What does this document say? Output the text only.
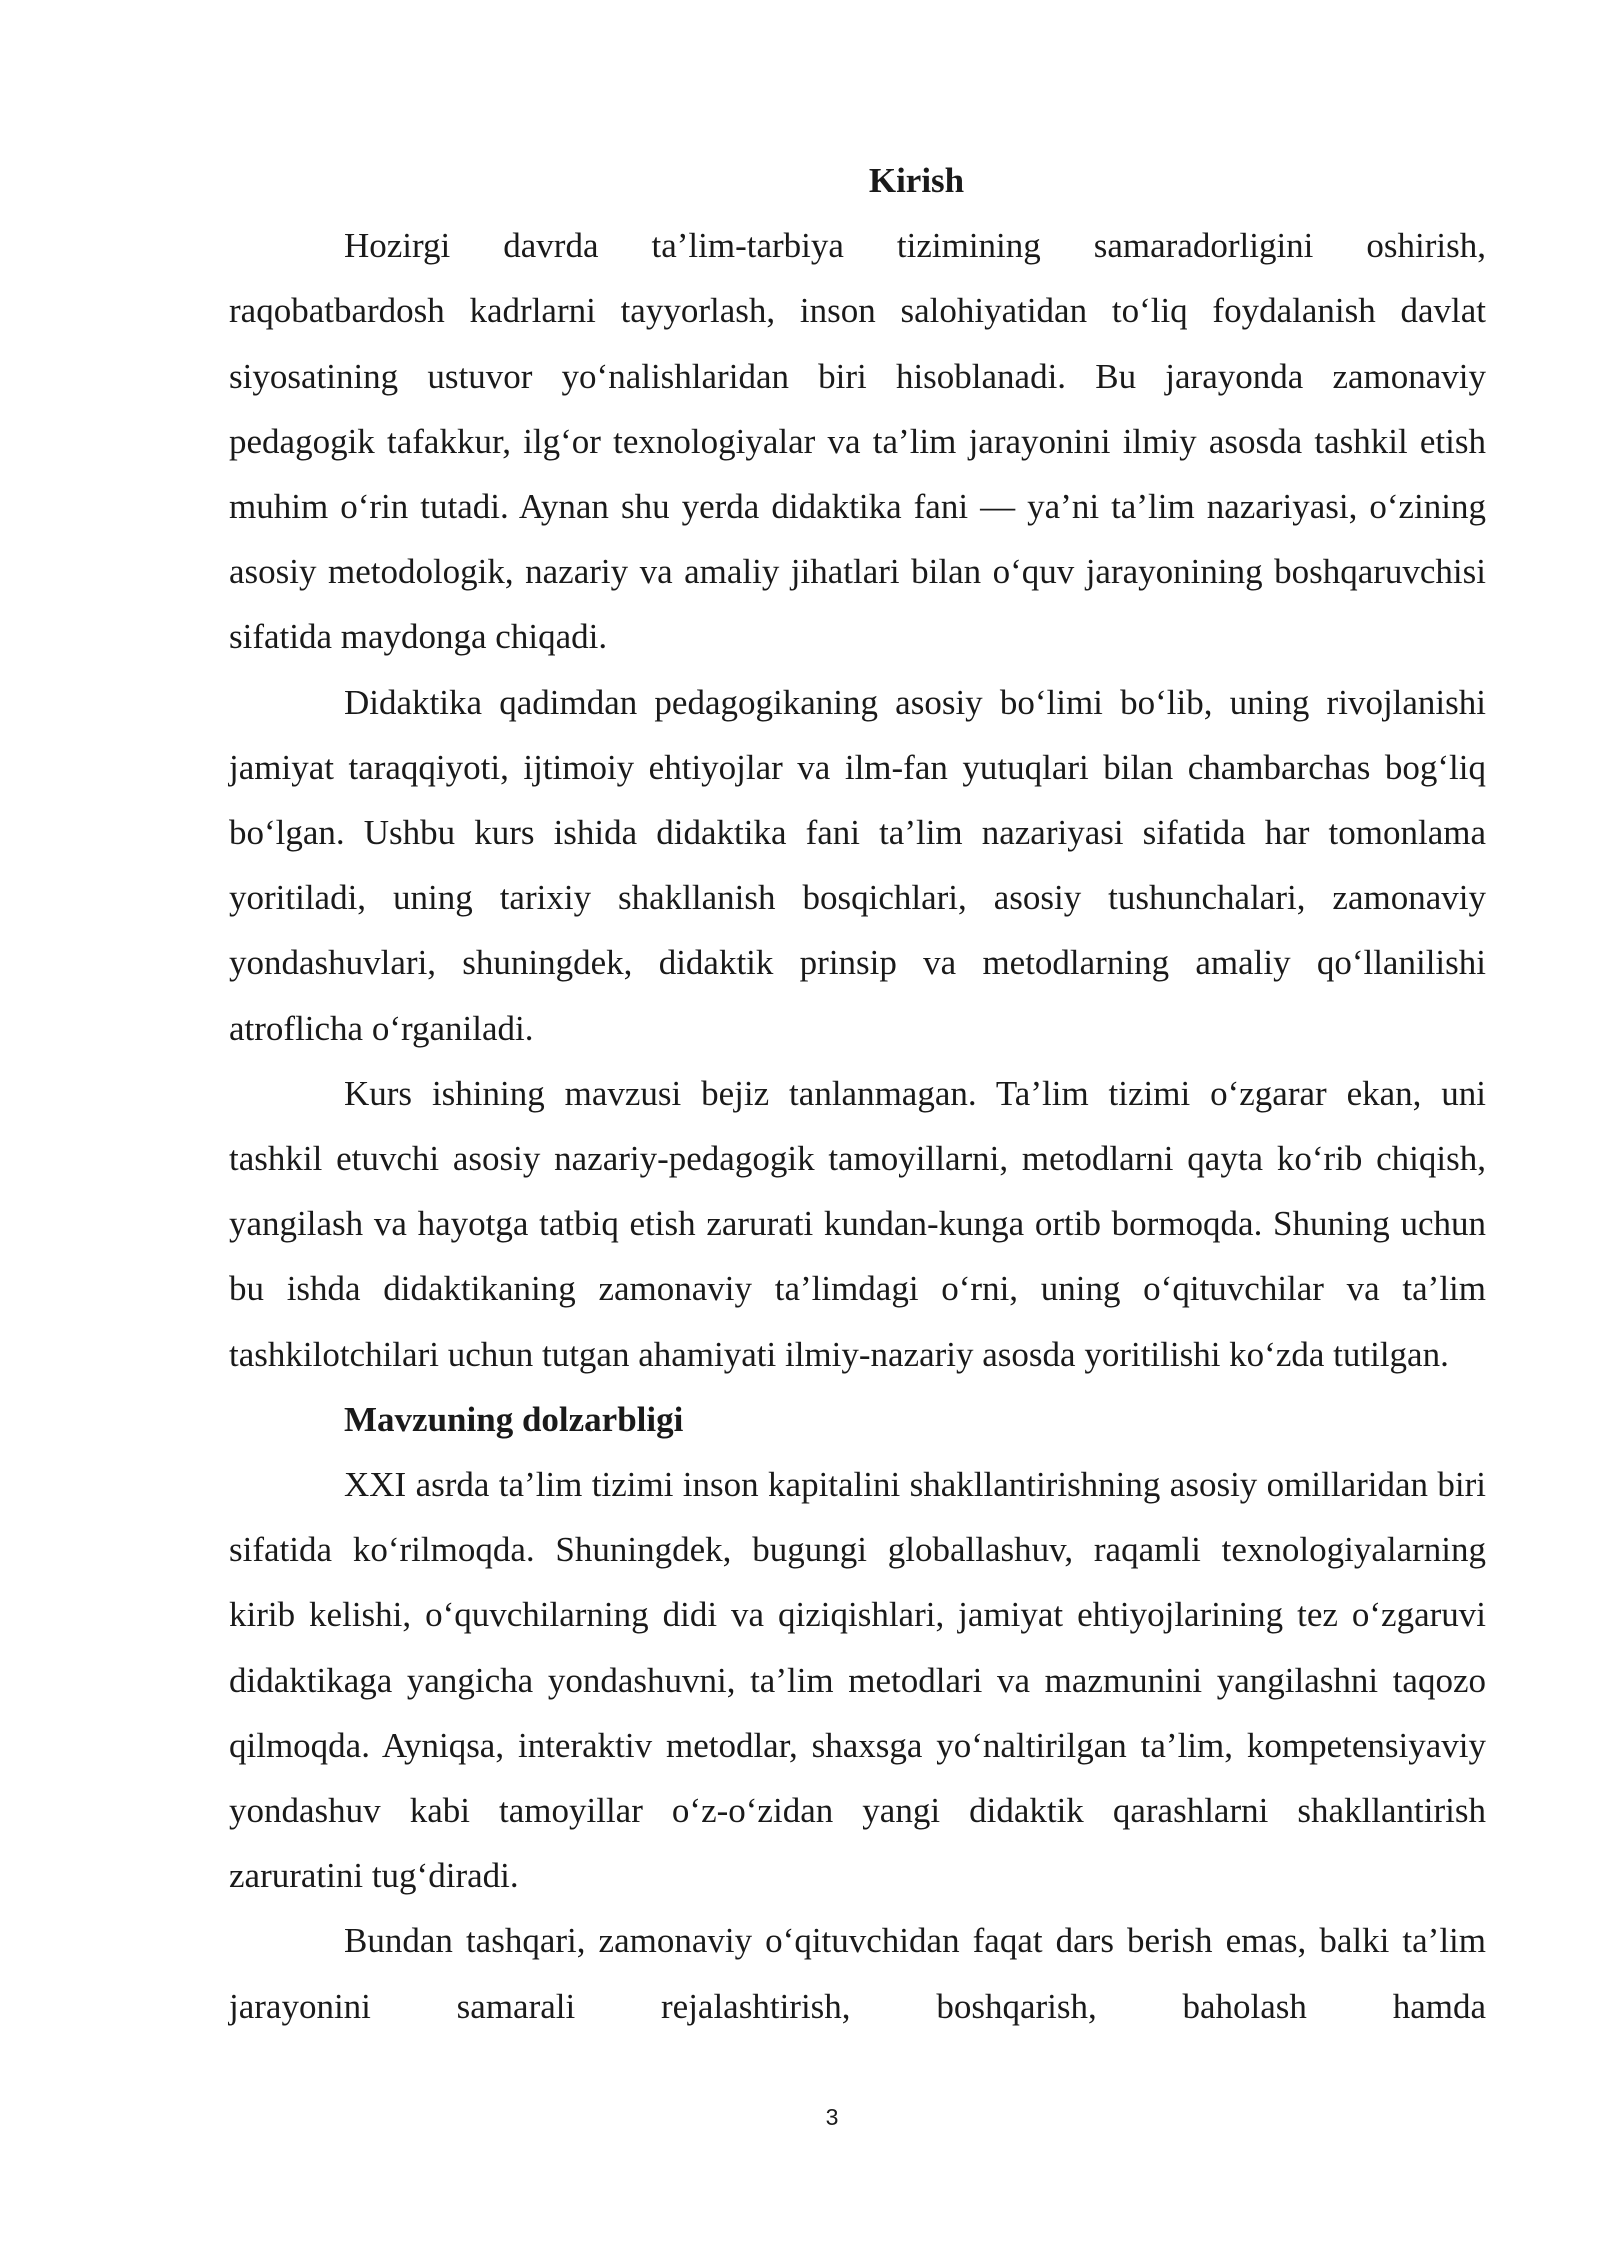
Kirish

Hozirgi davrda ta’lim-tarbiya tizimining samaradorligini oshirish, raqobatbardosh kadrlarni tayyorlash, inson salohiyatidan to‘liq foydalanish davlat siyosatining ustuvor yo‘nalishlaridan biri hisoblanadi. Bu jarayonda zamonaviy pedagogik tafakkur, ilg‘or texnologiyalar va ta’lim jarayonini ilmiy asosda tashkil etish muhim o‘rin tutadi. Aynan shu yerda didaktika fani — ya’ni ta’lim nazariyasi, o‘zining asosiy metodologik, nazariy va amaliy jihatlari bilan o‘quv jarayonining boshqaruvchisi sifatida maydonga chiqadi.

Didaktika qadimdan pedagogikaning asosiy bo‘limi bo‘lib, uning rivojlanishi jamiyat taraqqiyoti, ijtimoiy ehtiyojlar va ilm-fan yutuqlari bilan chambarchas bog‘liq bo‘lgan. Ushbu kurs ishida didaktika fani ta’lim nazariyasi sifatida har tomonlama yoritiladi, uning tarixiy shakllanish bosqichlari, asosiy tushunchalari, zamonaviy yondashuvlari, shuningdek, didaktik prinsip va metodlarning amaliy qo‘llanilishi atroflicha o‘rganiladi.

Kurs ishining mavzusi bejiz tanlanmagan. Ta’lim tizimi o‘zgarar ekan, uni tashkil etuvchi asosiy nazariy-pedagogik tamoyillarni, metodlarni qayta ko‘rib chiqish, yangilash va hayotga tatbiq etish zarurati kundan-kunga ortib bormoqda. Shuning uchun bu ishda didaktikaning zamonaviy ta’limdagi o‘rni, uning o‘qituvchilar va ta’lim tashkilotchilari uchun tutgan ahamiyati ilmiy-nazariy asosda yoritilishi ko‘zda tutilgan.

Mavzuning dolzarbligi

XXI asrda ta’lim tizimi inson kapitalini shakllantirishning asosiy omillaridan biri sifatida ko‘rilmoqda. Shuningdek, bugungi globallashuv, raqamli texnologiyalarning kirib kelishi, o‘quvchilarning didi va qiziqishlari, jamiyat ehtiyojlarining tez o‘zgaruvi didaktikaga yangicha yondashuvni, ta’lim metodlari va mazmunini yangilashni taqozo qilmoqda. Ayniqsa, interaktiv metodlar, shaxsga yo‘naltirilgan ta’lim, kompetensiyaviy yondashuv kabi tamoyillar o‘z-o‘zidan yangi didaktik qarashlarni shakllantirish zaruratini tug‘diradi.

Bundan tashqari, zamonaviy o‘qituvchidan faqat dars berish emas, balki ta’lim jarayonini samarali rejalashtirish, boshqarish, baholash hamda

3
